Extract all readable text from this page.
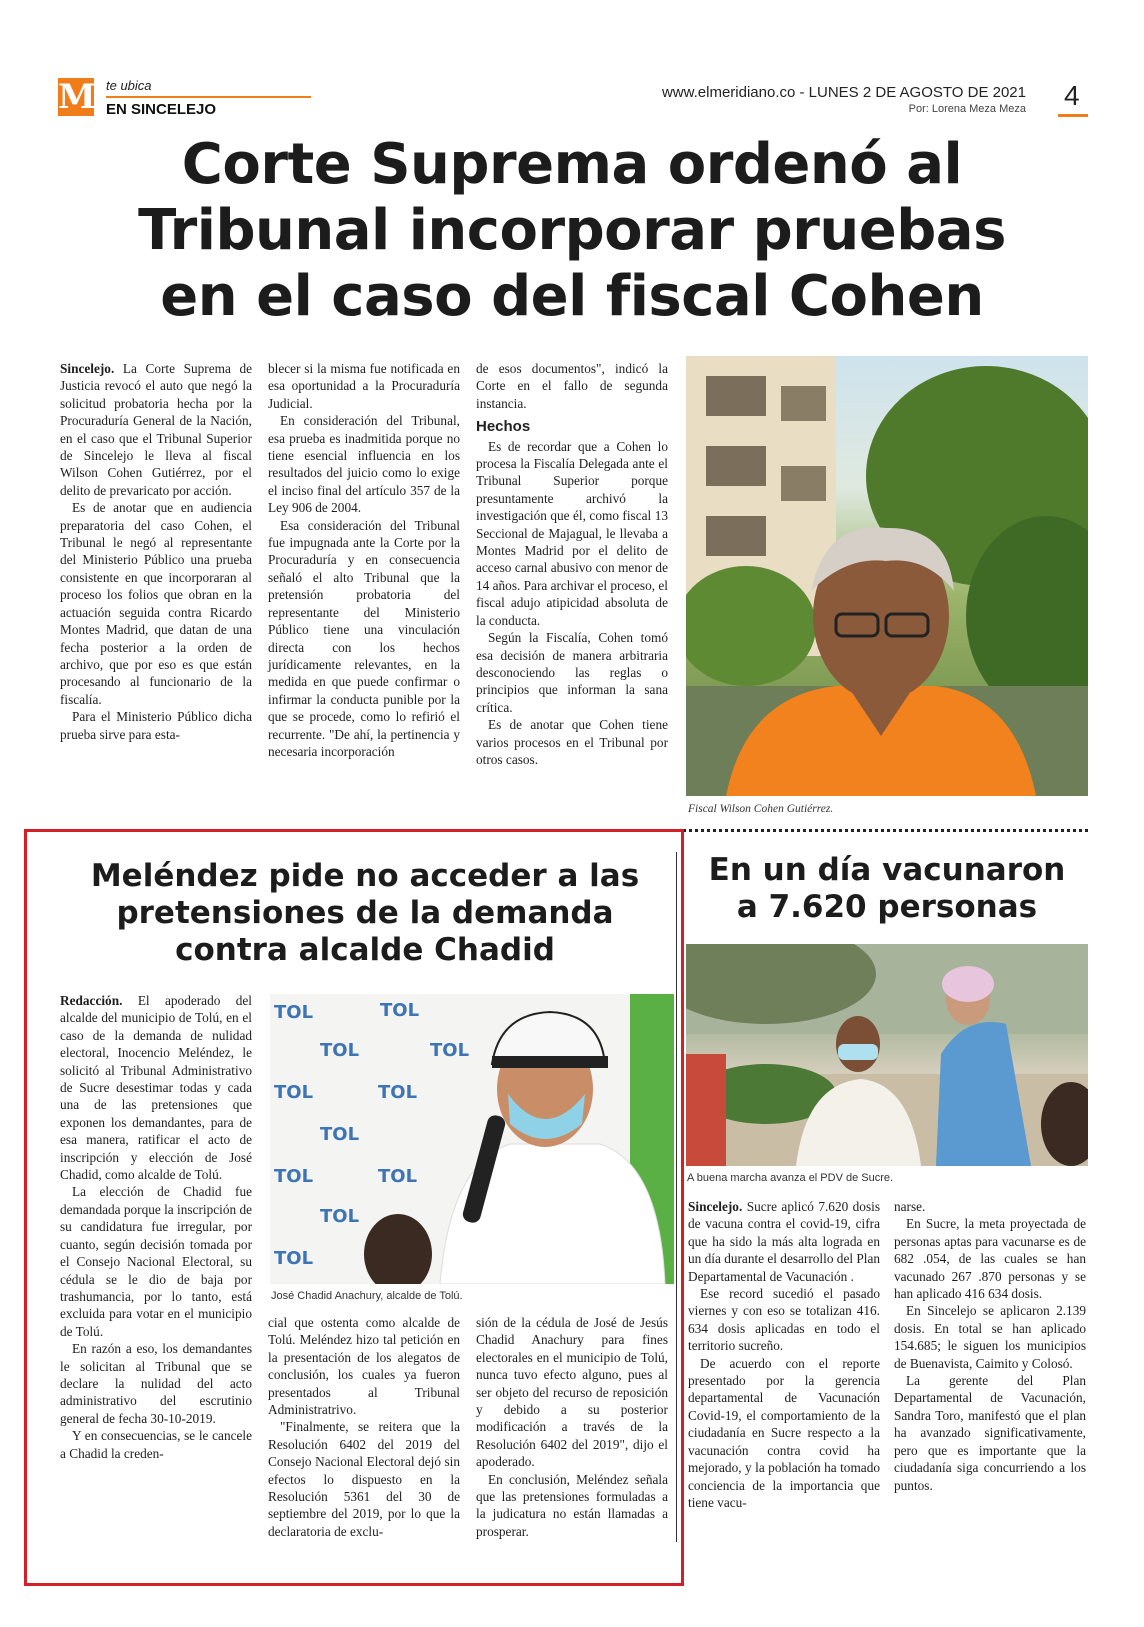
M te ubica
EN SINCELEJO
www.elmeridiano.co - LUNES 2 DE AGOSTO DE 2021
Por: Lorena Meza Meza 4
Corte Suprema ordenó al
Tribunal incorporar pruebas
en el caso del fiscal Cohen

Sincelejo. La Corte Suprema de Justicia revocó el auto que negó la solicitud probatoria hecha por la Procuraduría General de la Nación, en el caso que el Tribunal Superior de Sincelejo le lleva al fiscal Wilson Cohen Gutiérrez, por el delito de prevaricato por acción.

Es de anotar que en audiencia preparatoria del caso Cohen, el Tribunal le negó al representante del Ministerio Público una prueba consistente en que incorporaran al proceso los folios que obran en la actuación seguida contra Ricardo Montes Madrid, que datan de una fecha posterior a la orden de archivo, que por eso es que están procesando al funcionario de la fiscalía.

Para el Ministerio Público dicha prueba sirve para esta-

blecer si la misma fue notificada en esa oportunidad a la Procuraduría Judicial.

En consideración del Tribunal, esa prueba es inadmitida porque no tiene esencial influencia en los resultados del juicio como lo exige el inciso final del artículo 357 de la Ley 906 de 2004.

Esa consideración del Tribunal fue impugnada ante la Corte por la Procuraduría y en consecuencia señaló el alto Tribunal que la pretensión probatoria del representante del Ministerio Público tiene una vinculación directa con los hechos jurídicamente relevantes, en la medida en que puede confirmar o infirmar la conducta punible por la que se procede, como lo refirió el recurrente. "De ahí, la pertinencia y necesaria incorporación

de esos documentos", indicó la Corte en el fallo de segunda instancia.

Hechos

Es de recordar que a Cohen lo procesa la Fiscalía Delegada ante el Tribunal Superior porque presuntamente archivó la investigación que él, como fiscal 13 Seccional de Majagual, le llevaba a Montes Madrid por el delito de acceso carnal abusivo con menor de 14 años. Para archivar el proceso, el fiscal adujo atipicidad absoluta de la conducta.

Según la Fiscalía, Cohen tomó esa decisión de manera arbitraria desconociendo las reglas o principios que informan la sana crítica.

Es de anotar que Cohen tiene varios procesos en el Tribunal por otros casos.

Fiscal Wilson Cohen Gutiérrez.
Meléndez pide no acceder a las
pretensiones de la demanda
contra alcalde Chadid

Redacción. El apoderado del alcalde del municipio de Tolú, en el caso de la demanda de nulidad electoral, Inocencio Meléndez, le solicitó al Tribunal Administrativo de Sucre desestimar todas y cada una de las pretensiones que exponen los demandantes, para de esa manera, ratificar el acto de inscripción y elección de José Chadid, como alcalde de Tolú.

La elección de Chadid fue demandada porque la inscripción de su candidatura fue irregular, por cuanto, según decisión tomada por el Consejo Nacional Electoral, su cédula se le dio de baja por trashumancia, por lo tanto, está excluida para votar en el municipio de Tolú.

En razón a eso, los demandantes le solicitan al Tribunal que se declare la nulidad del acto administrativo del escrutinio general de fecha 30-10-2019.

Y en consecuencias, se le cancele a Chadid la creden-

TOL	TOL
TOL	TOL
TOL	TOL
TOL
TOL	TOL
TOL
TOL
José Chadid Anachury, alcalde de Tolú.

cial que ostenta como alcalde de Tolú. Meléndez hizo tal petición en la presentación de los alegatos de conclusión, los cuales ya fueron presentados al Tribunal Administratrivo.

"Finalmente, se reitera que la Resolución 6402 del 2019 del Consejo Nacional Electoral dejó sin efectos lo dispuesto en la Resolución 5361 del 30 de septiembre del 2019, por lo que la declaratoria de exclu-

sión de la cédula de José de Jesús Chadid Anachury para fines electorales en el municipio de Tolú, nunca tuvo efecto alguno, pues al ser objeto del recurso de reposición y debido a su posterior modificación a través de la Resolución 6402 del 2019", dijo el apoderado.

En conclusión, Meléndez señala que las pretensiones formuladas a la judicatura no están llamadas a prosperar.

En un día vacunaron
a 7.620 personas
A buena marcha avanza el PDV de Sucre.

Sincelejo. Sucre aplicó 7.620 dosis de vacuna contra el covid-19, cifra que ha sido la más alta lograda en un día durante el desarrollo del Plan Departamental de Vacunación .

Ese record sucedió el pasado viernes y con eso se totalizan 416. 634 dosis aplicadas en todo el territorio sucreño.

De acuerdo con el reporte presentado por la gerencia departamental de Vacunación Covid-19, el comportamiento de la ciudadanía en Sucre respecto a la vacunación contra covid ha mejorado, y la población ha tomado conciencia de la importancia que tiene vacu-

narse.

En Sucre, la meta proyectada de personas aptas para vacunarse es de 682 .054, de las cuales se han vacunado 267 .870 personas y se han aplicado 416 634 dosis.

En Sincelejo se aplicaron 2.139 dosis. En total se han aplicado 154.685; le siguen los municipios de Buenavista, Caimito y Colosó.

La gerente del Plan Departamental de Vacunación, Sandra Toro, manifestó que el plan ha avanzado significativamente, pero que es importante que la ciudadanía siga concurriendo a los puntos.
